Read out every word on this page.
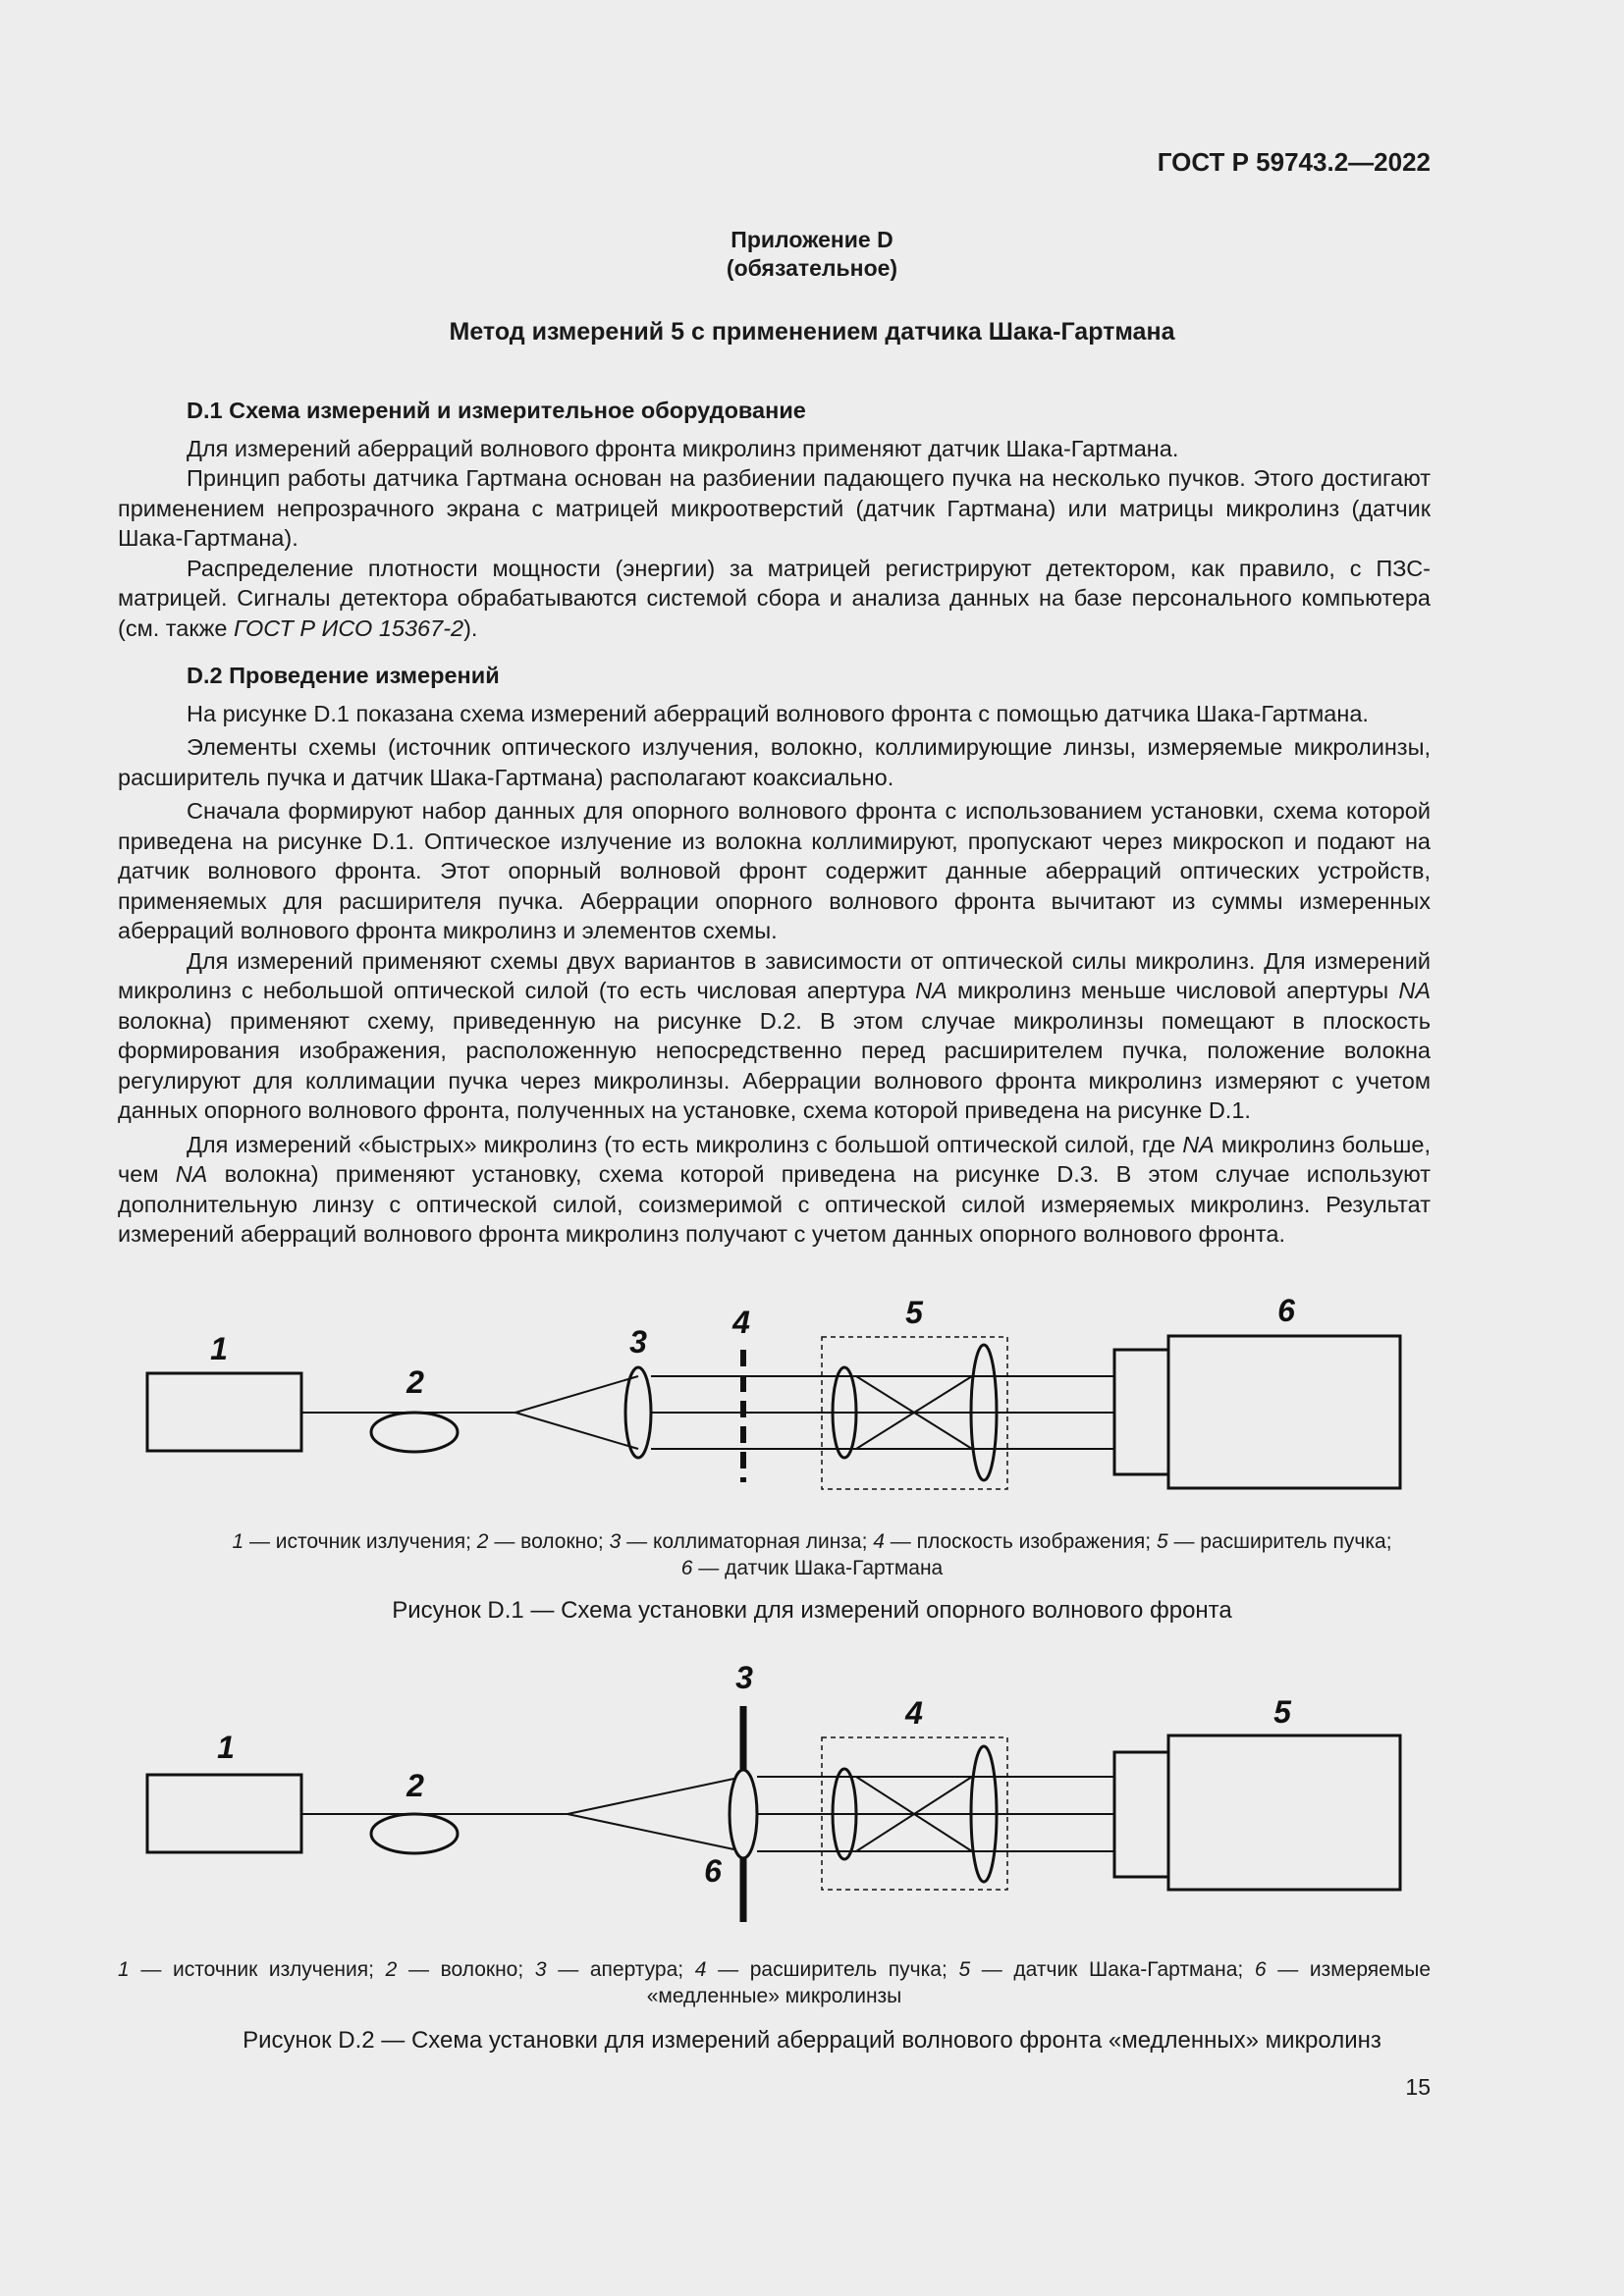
ГОСТ Р 59743.2—2022
Приложение D
(обязательное)
Метод измерений 5 с применением датчика Шака-Гартмана
D.1 Схема измерений и измерительное оборудование

Для измерений аберраций волнового фронта микролинз применяют датчик Шака-Гартмана.

Принцип работы датчика Гартмана основан на разбиении падающего пучка на несколько пучков. Этого достигают применением непрозрачного экрана с матрицей микроотверстий (датчик Гартмана) или матрицы микролинз (датчик Шака-Гартмана).

Распределение плотности мощности (энергии) за матрицей регистрируют детектором, как правило, с ПЗС-матрицей. Сигналы детектора обрабатываются системой сбора и анализа данных на базе персонального компьютера (см. также ГОСТ Р ИСО 15367-2).

D.2 Проведение измерений

На рисунке D.1 показана схема измерений аберраций волнового фронта с помощью датчика Шака-Гартмана.

Элементы схемы (источник оптического излучения, волокно, коллимирующие линзы, измеряемые микролинзы, расширитель пучка и датчик Шака-Гартмана) располагают коаксиально.

Сначала формируют набор данных для опорного волнового фронта с использованием установки, схема которой приведена на рисунке D.1. Оптическое излучение из волокна коллимируют, пропускают через микроскоп и подают на датчик волнового фронта. Этот опорный волновой фронт содержит данные аберраций оптических устройств, применяемых для расширителя пучка. Аберрации опорного волнового фронта вычитают из суммы измеренных аберраций волнового фронта микролинз и элементов схемы.

Для измерений применяют схемы двух вариантов в зависимости от оптической силы микролинз. Для измерений микролинз с небольшой оптической силой (то есть числовая апертура NA микролинз меньше числовой апертуры NA волокна) применяют схему, приведенную на рисунке D.2. В этом случае микролинзы помещают в плоскость формирования изображения, расположенную непосредственно перед расширителем пучка, положение волокна регулируют для коллимации пучка через микролинзы. Аберрации волнового фронта микролинз измеряют с учетом данных опорного волнового фронта, полученных на установке, схема которой приведена на рисунке D.1.

Для измерений «быстрых» микролинз (то есть микролинз с большой оптической силой, где NA микролинз больше, чем NA волокна) применяют установку, схема которой приведена на рисунке D.3. В этом случае используют дополнительную линзу с оптической силой, соизмеримой с оптической силой измеряемых микролинз. Результат измерений аберраций волнового фронта микролинз получают с учетом данных опорного волнового фронта.

1
2
3
4	5	6
1 — источник излучения; 2 — волокно; 3 — коллиматорная линза; 4 — плоскость изображения; 5 — расширитель пучка;
6 — датчик Шака-Гартмана
Рисунок D.1 — Схема установки для измерений опорного волнового фронта
1
2
3
4	5
6
1 — источник излучения; 2 — волокно; 3 — апертура; 4 — расширитель пучка; 5 — датчик Шака-Гартмана; 6 — измеряемые
«медленные» микролинзы
Рисунок D.2 — Схема установки для измерений аберраций волнового фронта «медленных» микролинз
15
